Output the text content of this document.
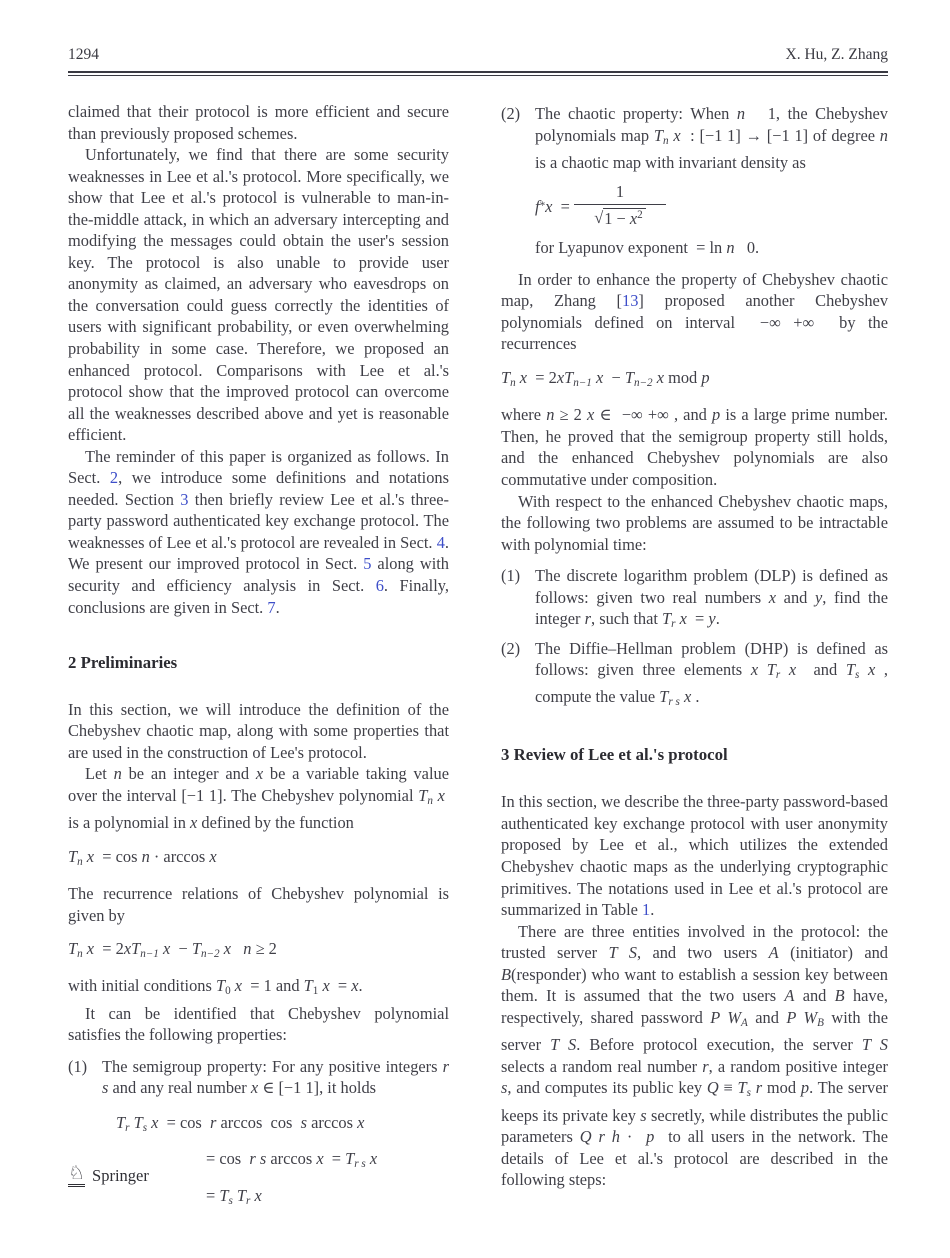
1294	X. Hu, Z. Zhang

claimed that their protocol is more efficient and secure than previously proposed schemes.

Unfortunately, we find that there are some security weaknesses in Lee et al.'s protocol. More specifically, we show that Lee et al.'s protocol is vulnerable to man-in-the-middle attack, in which an adversary intercepting and modifying the messages could obtain the user's session key. The protocol is also unable to provide user anonymity as claimed, an adversary who eavesdrops on the conversation could guess correctly the identities of users with significant probability, or even overwhelming probability in some case. Therefore, we proposed an enhanced protocol. Comparisons with Lee et al.'s protocol show that the improved protocol can overcome all the weaknesses described above and yet is reasonable efficient.

The reminder of this paper is organized as follows. In Sect. 2, we introduce some definitions and notations needed. Section 3 then briefly review Lee et al.'s three-party password authenticated key exchange protocol. The weaknesses of Lee et al.'s protocol are revealed in Sect. 4. We present our improved protocol in Sect. 5 along with security and efficiency analysis in Sect. 6. Finally, conclusions are given in Sect. 7.

2 Preliminaries

In this section, we will introduce the definition of the Chebyshev chaotic map, along with some properties that are used in the construction of Lee's protocol.

Let n be an integer and x be a variable taking value over the interval [−1 1]. The Chebyshev polynomial $T_n$ x  is a polynomial in x defined by the function

$T_n$ x  = cos n · arccos x

The recurrence relations of Chebyshev polynomial is given by

$T_n$ $x = 2xT_{n-1}$ $x - T_{n-2}$ x n ≥ 2

with initial conditions $T_0$ x  = 1 and $T_1$ x  = x.

It can be identified that Chebyshev polynomial satisfies the following properties:

(1) The semigroup property: For any positive integers r s and any real number x ∈ [−1 1], it holds
$T_r$ $T_s$ x  = cos  r arccos  cos  s arccos x
= cos  r s $\arccos x = T_{r s}$ x
= $T_s$ $T_r$ x
(2) The chaotic property: When n   1, the Chebyshev polynomials map $T_n$ x  : [−1 1] → [−1 1] of degree n is a chaotic map with invariant density as
$f * x = \frac{1}{√ 1 - x^2}$
for Lyapunov exponent  = ln n   0.

In order to enhance the property of Chebyshev chaotic map, Zhang [13] proposed another Chebyshev polynomials defined on interval  −∞ +∞  by the recurrences

$T_n$ $x = 2xT_{n-1}$ $x - T_{n-2}$ x mod p

where n ≥ 2 x ∈  −∞ +∞ , and p is a large prime number. Then, he proved that the semigroup property still holds, and the enhanced Chebyshev polynomials are also commutative under composition.

With respect to the enhanced Chebyshev chaotic maps, the following two problems are assumed to be intractable with polynomial time:

(1) The discrete logarithm problem (DLP) is defined as follows: given two real numbers x and y, find the integer r, such that $T_r$ x  = y.
(2) The Diffie–Hellman problem (DHP) is defined as follows: given three elements x $T_r$ x  and $T_s$ x , compute the value $T_{r s}$ x .
3 Review of Lee et al.'s protocol

In this section, we describe the three-party password-based authenticated key exchange protocol with user anonymity proposed by Lee et al., which utilizes the extended Chebyshev chaotic maps as the underlying cryptographic primitives. The notations used in Lee et al.'s protocol are summarized in Table 1.

There are three entities involved in the protocol: the trusted server T S, and two users A (initiator) and B(responder) who want to establish a session key between them. It is assumed that the two users A and B have, respectively, shared password P $W_A$ and P $W_B$ with the server T S. Before protocol execution, the server T S selects a random real number r, a random positive integer s, and computes its public key $Q \equiv T_s$ r mod p. The server keeps its private key s secretly, while distributes the public parameters Q r h ·  p  to all users in the network. The details of Lee et al.'s protocol are described in the following steps:

♘ Springer
